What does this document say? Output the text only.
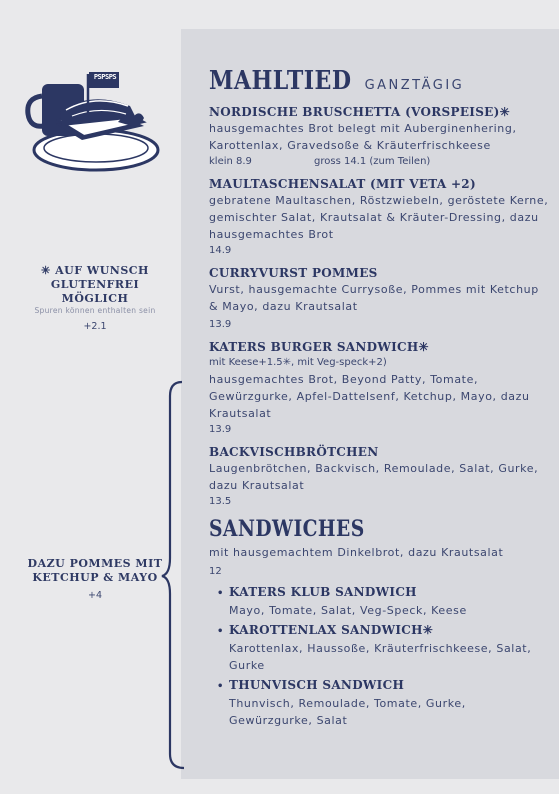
PSPSPS
✳ AUF WUNSCH
GLUTENFREI MÖGLICH
Spuren können enthalten sein
+2.1
DAZU POMMES MIT
KETCHUP & MAYO
+4
MAHLTIED GANZTÄGIG
NORDISCHE BRUSCHETTA (VORSPEISE)✳
hausgemachtes Brot belegt mit Auberginenhering, Karottenlax, Gravedsoße & Kräuterfrischkeese
klein 8.9	gross 14.1 (zum Teilen)
MAULTASCHENSALAT (MIT VETA +2)
gebratene Maultaschen, Röstzwiebeln, geröstete Kerne, gemischter Salat, Krautsalat & Kräuter-Dressing, dazu hausgemachtes Brot
14.9
CURRYVURST POMMES
Vurst, hausgemachte Currysoße, Pommes mit Ketchup & Mayo, dazu Krautsalat
13.9
KATERS BURGER SANDWICH✳
mit Keese+1.5✳, mit Veg-speck+2)
hausgemachtes Brot, Beyond Patty, Tomate, Gewürzgurke, Apfel-Dattelsenf, Ketchup, Mayo, dazu Krautsalat
13.9
BACKVISCHBRÖTCHEN
Laugenbrötchen, Backvisch, Remoulade, Salat, Gurke, dazu Krautsalat
13.5
SANDWICHES
mit hausgemachtem Dinkelbrot, dazu Krautsalat
12
• KATERS KLUB SANDWICH
Mayo, Tomate, Salat, Veg-Speck, Keese
• KAROTTENLAX SANDWICH✳
Karottenlax, Haussoße, Kräuterfrischkeese, Salat, Gurke
• THUNVISCH SANDWICH
Thunvisch, Remoulade, Tomate, Gurke, Gewürzgurke, Salat
